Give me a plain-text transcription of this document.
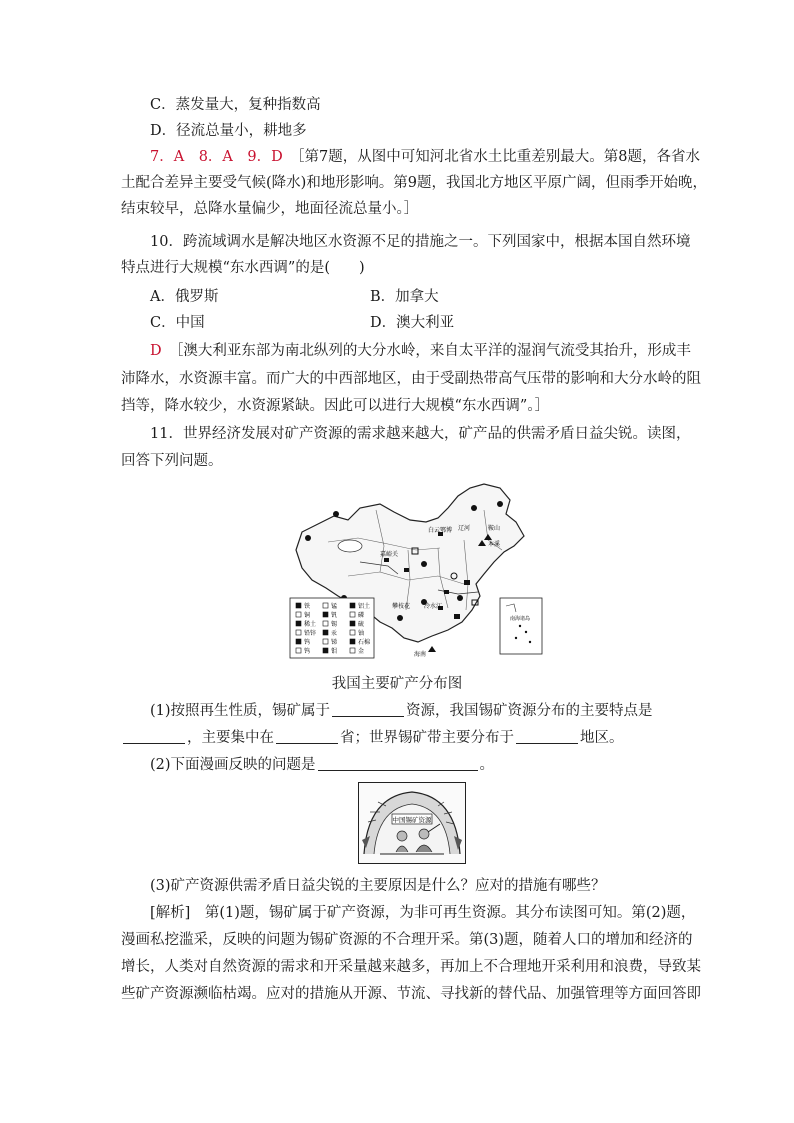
C．蒸发量大，复种指数高
D．径流总量小，耕地多
7．A　8．A　9．D　 ［第7题，从图中可知河北省水土比重差别最大。第8题，各省水
土配合差异主要受气候(降水)和地形影响。第9题，我国北方地区平原广阔，但雨季开始晚，
结束较早，总降水量偏少，地面径流总量小。］
10．跨流域调水是解决地区水资源不足的措施之一。下列国家中，根据本国自然环境
特点进行大规模“东水西调”的是(　　)
A．俄罗斯	B．加拿大
C．中国	D．澳大利亚
D　 ［澳大利亚东部为南北纵列的大分水岭，来自太平洋的湿润气流受其抬升，形成丰
沛降水，水资源丰富。而广大的中西部地区，由于受副热带高气压带的影响和大分水岭的阻
挡等，降水较少，水资源紧缺。因此可以进行大规模“东水西调”。］
11．世界经济发展对矿产资源的需求越来越大，矿产品的供需矛盾日益尖锐。读图，
回答下列问题。
白云鄂博 辽河	鞍山
本溪
嘉峪关
攀枝花 冷水江
海南
南海诸岛
铁	锰	铝土
铜	钒	磷
稀土 锡	硫
铅锌 汞	铀
钨	锑	石棉
钨	钼	金
我国主要矿产分布图
(1)按照再生性质，锡矿属于	资源，我国锡矿资源分布的主要特点是
，主要集中在	省；世界锡矿带主要分布于	地区。
(2)下面漫画反映的问题是	。
中国锡矿资源
(3)矿产资源供需矛盾日益尖锐的主要原因是什么？应对的措施有哪些？
[解析]　 第(1)题，锡矿属于矿产资源，为非可再生资源。其分布读图可知。第(2)题，
漫画私挖滥采，反映的问题为锡矿资源的不合理开采。第(3)题，随着人口的增加和经济的
增长，人类对自然资源的需求和开采量越来越多，再加上不合理地开采利用和浪费，导致某
些矿产资源濒临枯竭。应对的措施从开源、节流、寻找新的替代品、加强管理等方面回答即
